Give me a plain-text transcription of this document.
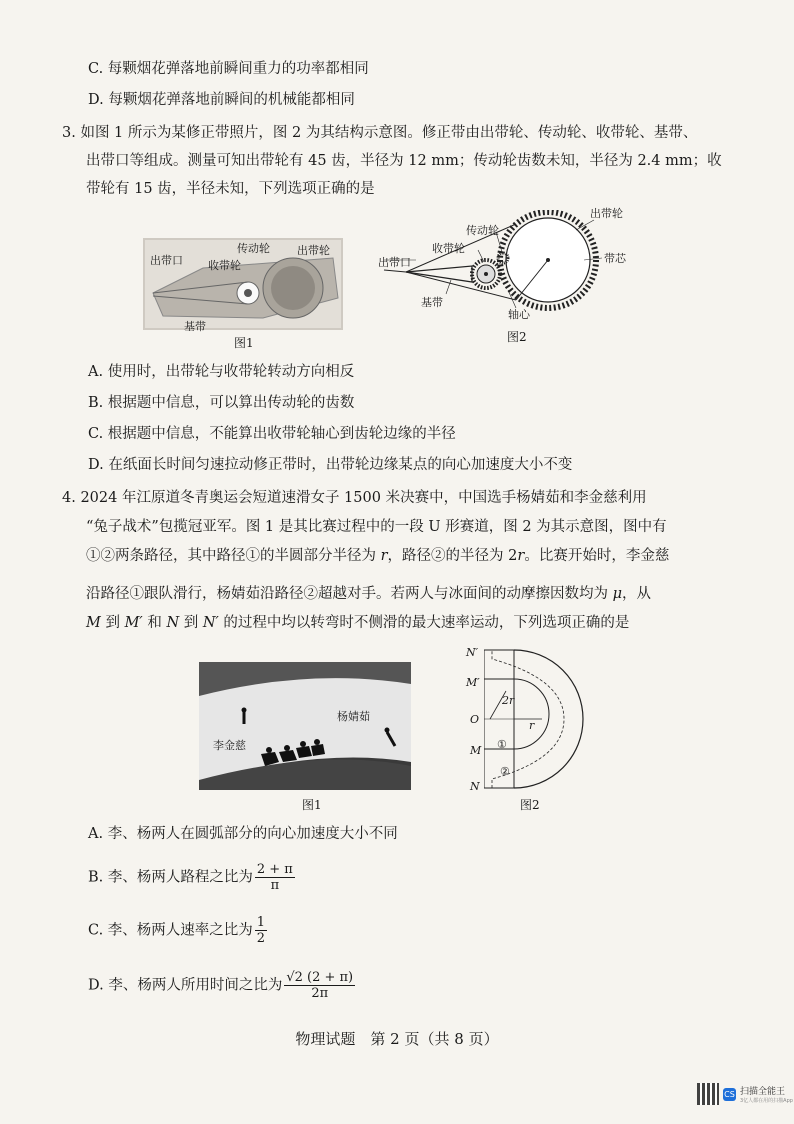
C. 每颗烟花弹落地前瞬间重力的功率都相同
D. 每颗烟花弹落地前瞬间的机械能都相同
3. 如图 1 所示为某修正带照片，图 2 为其结构示意图。修正带由出带轮、传动轮、收带轮、基带、
出带口等组成。测量可知出带轮有 45 齿，半径为 12 mm；传动轮齿数未知，半径为 2.4 mm；收
带轮有 15 齿，半径未知，下列选项正确的是
出带口 收带轮
传动轮 出带轮
基带
图1
出带轮
传动轮
收带轮
出带口	带芯
基带
轴心
图2
A. 使用时，出带轮与收带轮转动方向相反
B. 根据题中信息，可以算出传动轮的齿数
C. 根据题中信息，不能算出收带轮轴心到齿轮边缘的半径
D. 在纸面长时间匀速拉动修正带时，出带轮边缘某点的向心加速度大小不变
4. 2024 年江原道冬青奥运会短道速滑女子 1500 米决赛中，中国选手杨婧茹和李金慈利用
“兔子战术”包揽冠亚军。图 1 是其比赛过程中的一段 U 形赛道，图 2 为其示意图，图中有
①②两条路径，其中路径①的半圆部分半径为 r，路径②的半径为 2r。比赛开始时，李金慈
沿路径①跟队滑行，杨婧茹沿路径②超越对手。若两人与冰面间的动摩擦因数均为 μ，从
M 到 M′ 和 N 到 N′ 的过程中均以转弯时不侧滑的最大速率运动，下列选项正确的是
杨婧茹
李金慈
图1
N′
M′
O
M
N
2r
r
①
②
图2
A. 李、杨两人在圆弧部分的向心加速度大小不同
B. 李、杨两人路程之比为 $\frac{2 + \pi}{\pi}$
C. 李、杨两人速率之比为 $\frac{1}{2}$
D. 李、杨两人所用时间之比为 $\frac{√2 (2 + \pi)}{2\pi}$
物理试题　第 2 页（共 8 页）
CS 扫描全能王
3亿人都在用的扫描App
